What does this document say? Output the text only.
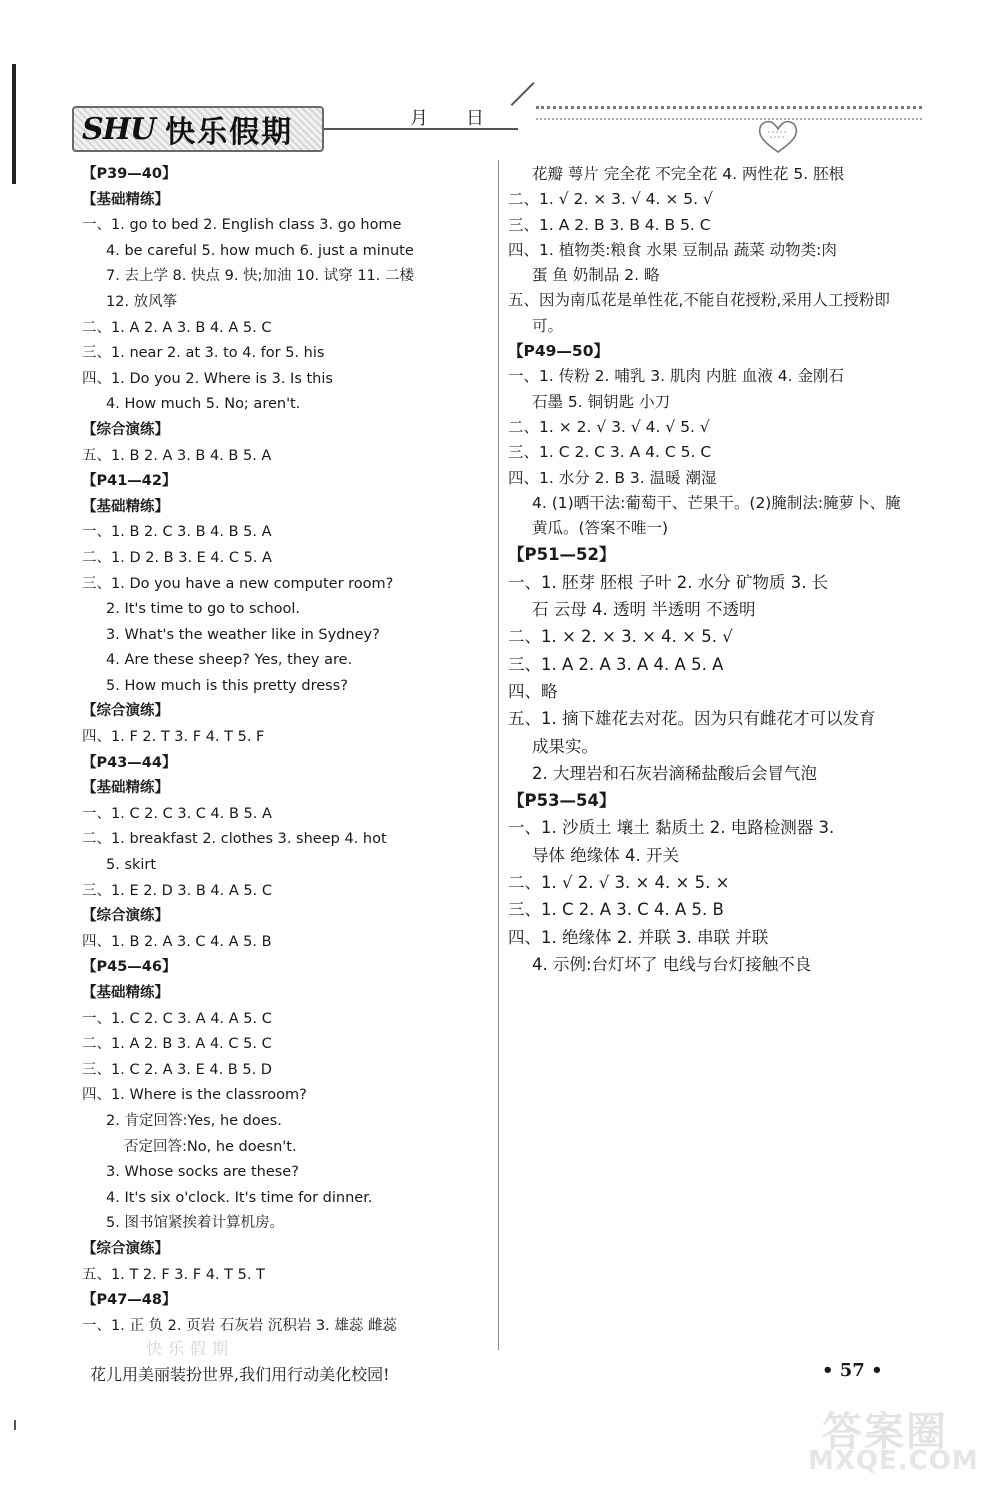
SHU 快乐假期	月 日
【P39—40】
【基础精练】
一、1. go to bed 2. English class 3. go home
4. be careful 5. how much 6. just a minute
7. 去上学 8. 快点 9. 快;加油 10. 试穿 11. 二楼
12. 放风筝
二、1. A 2. A 3. B 4. A 5. C
三、1. near 2. at 3. to 4. for 5. his
四、1. Do you 2. Where is 3. Is this
4. How much 5. No; aren't.
【综合演练】
五、1. B 2. A 3. B 4. B 5. A
【P41—42】
【基础精练】
一、1. B 2. C 3. B 4. B 5. A
二、1. D 2. B 3. E 4. C 5. A
三、1. Do you have a new computer room?
2. It's time to go to school.
3. What's the weather like in Sydney?
4. Are these sheep? Yes, they are.
5. How much is this pretty dress?
【综合演练】
四、1. F 2. T 3. F 4. T 5. F
【P43—44】
【基础精练】
一、1. C 2. C 3. C 4. B 5. A
二、1. breakfast 2. clothes 3. sheep 4. hot
5. skirt
三、1. E 2. D 3. B 4. A 5. C
【综合演练】
四、1. B 2. A 3. C 4. A 5. B
【P45—46】
【基础精练】
一、1. C 2. C 3. A 4. A 5. C
二、1. A 2. B 3. A 4. C 5. C
三、1. C 2. A 3. E 4. B 5. D
四、1. Where is the classroom?
2. 肯定回答:Yes, he does.
否定回答:No, he doesn't.
3. Whose socks are these?
4. It's six o'clock. It's time for dinner.
5. 图书馆紧挨着计算机房。
【综合演练】
五、1. T 2. F 3. F 4. T 5. T
【P47—48】
一、1. 正 负 2. 页岩 石灰岩 沉积岩 3. 雄蕊 雌蕊
花瓣 萼片 完全花 不完全花 4. 两性花 5. 胚根
二、1. √ 2. × 3. √ 4. × 5. √
三、1. A 2. B 3. B 4. B 5. C
四、1. 植物类:粮食 水果 豆制品 蔬菜 动物类:肉
蛋 鱼 奶制品 2. 略
五、因为南瓜花是单性花,不能自花授粉,采用人工授粉即
可。
【P49—50】
一、1. 传粉 2. 哺乳 3. 肌肉 内脏 血液 4. 金刚石
石墨 5. 铜钥匙 小刀
二、1. × 2. √ 3. √ 4. √ 5. √
三、1. C 2. C 3. A 4. C 5. C
四、1. 水分 2. B 3. 温暖 潮湿
4. (1)晒干法:葡萄干、芒果干。(2)腌制法:腌萝卜、腌
黄瓜。(答案不唯一)
【P51—52】
一、1. 胚芽 胚根 子叶 2. 水分 矿物质 3. 长
石 云母 4. 透明 半透明 不透明
二、1. × 2. × 3. × 4. × 5. √
三、1. A 2. A 3. A 4. A 5. A
四、略
五、1. 摘下雄花去对花。因为只有雌花才可以发育
成果实。
2. 大理岩和石灰岩滴稀盐酸后会冒气泡
【P53—54】
一、1. 沙质土 壤土 黏质土 2. 电路检测器 3.
导体 绝缘体 4. 开关
二、1. √ 2. √ 3. × 4. × 5. ×
三、1. C 2. A 3. C 4. A 5. B
四、1. 绝缘体 2. 并联 3. 串联 并联
4. 示例:台灯坏了 电线与台灯接触不良
快乐假期
花儿用美丽装扮世界,我们用行动美化校园!	• 57 •
答案圈
MXQE.COM
